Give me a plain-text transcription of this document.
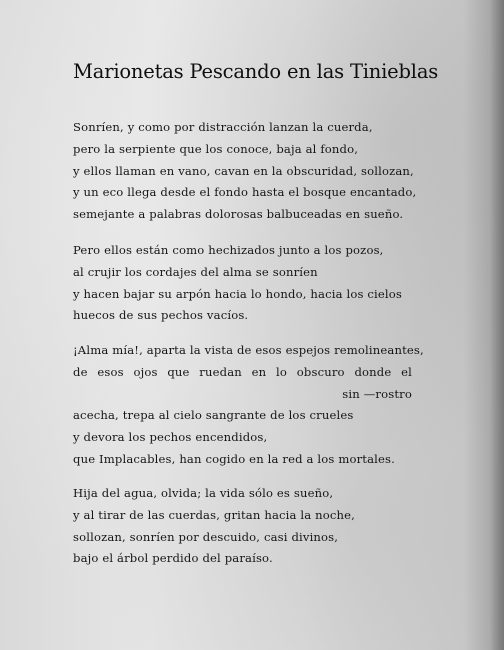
Marionetas Pescando en las Tinieblas
Sonríen, y como por distracción lanzan la cuerda,
pero la serpiente que los conoce, baja al fondo,
y ellos llaman en vano, cavan en la obscuridad, sollozan,
y un eco llega desde el fondo hasta el bosque encantado,
semejante a palabras dolorosas balbuceadas en sueño.
Pero ellos están como hechizados junto a los pozos,
al crujir los cordajes del alma se sonríen
y hacen bajar su arpón hacia lo hondo, hacia los cielos
huecos de sus pechos vacíos.
¡Alma mía!, aparta la vista de esos espejos remolineantes,
de esos ojos que ruedan en lo obscuro donde el
sin —rostro
acecha, trepa al cielo sangrante de los crueles
y devora los pechos encendidos,
que Implacables, han cogido en la red a los mortales.
Hija del agua, olvida; la vida sólo es sueño,
y al tirar de las cuerdas, gritan hacia la noche,
sollozan, sonríen por descuido, casi divinos,
bajo el árbol perdido del paraíso.
